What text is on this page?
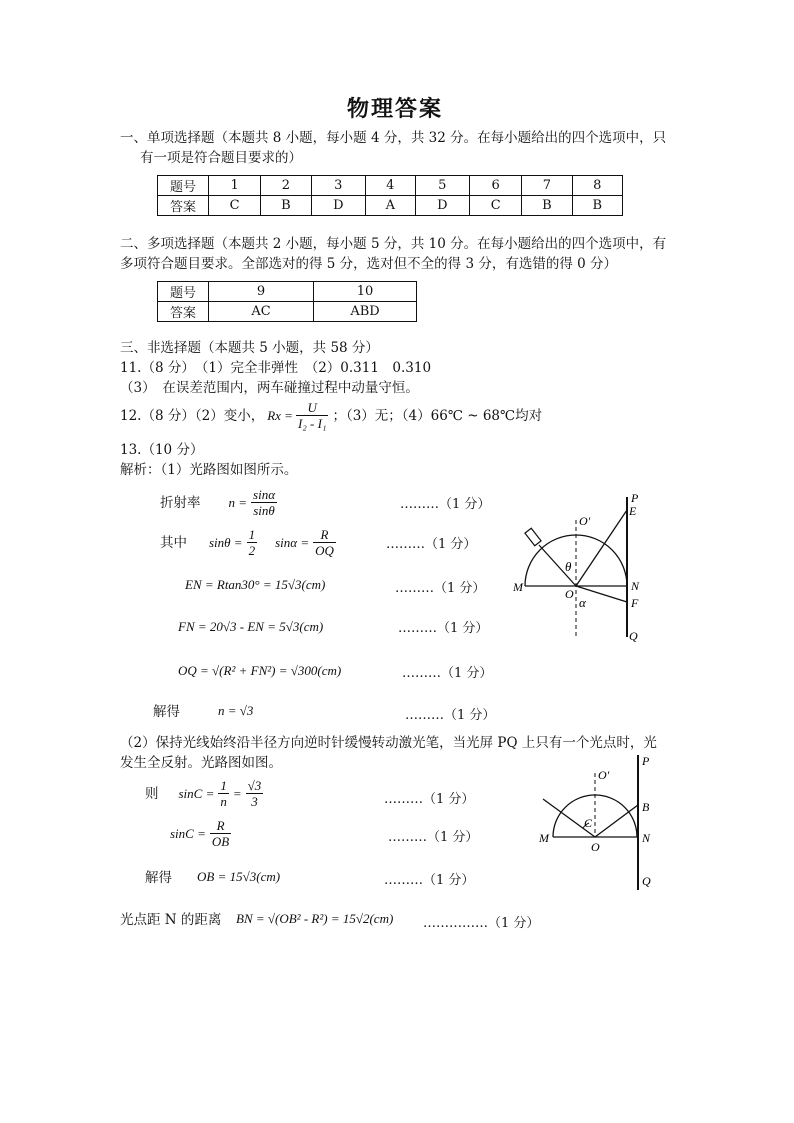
物理答案
一、单项选择题（本题共 8 小题，每小题 4 分，共 32 分。在每小题给出的四个选项中，只
有一项是符合题目要求的）
题号	1	2	3	4	5	6	7	8
答案	C	B	D	A	D	C	B	B
二、多项选择题（本题共 2 小题，每小题 5 分，共 10 分。在每小题给出的四个选项中，有
多项符合题目要求。全部选对的得 5 分，选对但不全的得 3 分，有选错的得 0 分）
题号	9	10
答案	AC	ABD
三、非选择题（本题共 5 小题，共 58 分）
11.（8 分）　（1）完全非弹性　（2）0.311　0.310
（3）　在误差范围内，两车碰撞过程中动量守恒。
12.（8 分）（2）变小， $Rx = \frac{U}{\text{I₂ - I₁}}$ ；（3）无；（4）66℃ ~ 68℃均对
13.（10 分）
解析：（1）光路图如图所示。
折射率 $n = \frac{\sin\alpha}{\sin\theta}$	………（1 分）
其中 $\sin\theta = \frac{1}{2}$ $\sin\alpha = \frac{R}{OQ}$	………（1 分）
EN = Rtan30° = 15√3(cm)	………（1 分）
FN = 20√3 - EN = 5√3(cm)	………（1 分）
OQ = √(R² + FN²) = √300(cm)	………（1 分）
解得	n = √3	………（1 分）
（2）保持光线始终沿半径方向逆时针缓慢转动激光笔，当光屏 PQ 上只有一个光点时，光
发生全反射。光路图如图。
则 $\sin C = \frac{1}{n} = \frac{√3}{3}$	………（1 分）
$\sin C = \frac{R}{OB}$	………（1 分）
解得 OB = 15√3(cm)	………（1 分）
光点距 N 的距离 BN = √(OB² - R²) = 15√2(cm) ……………（1 分）
P
E
O'
θ
M	O
α
N
F
Q
P
O'
B
C
M
O
N
Q
